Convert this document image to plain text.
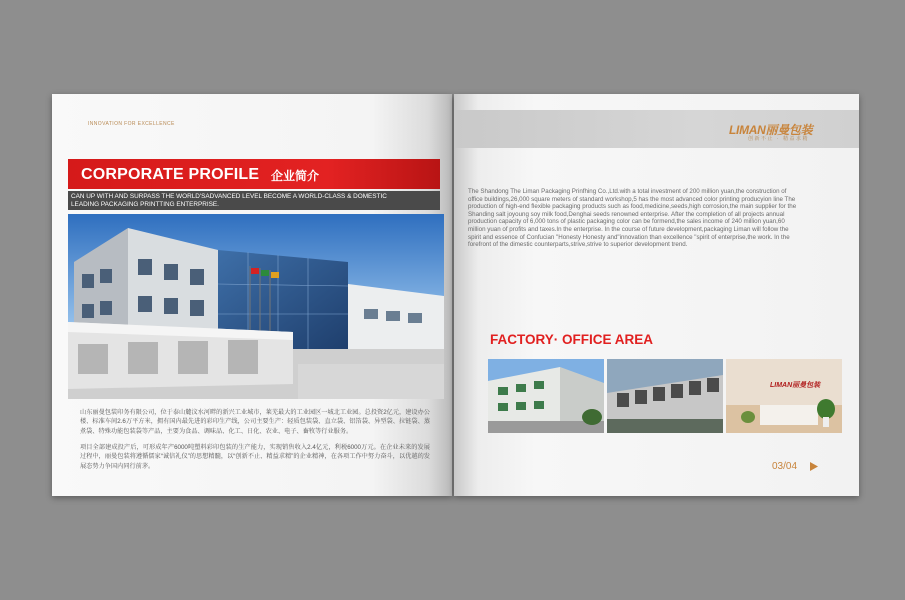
INNOVATION FOR EXCELLENCE
CORPORATE PROFILE 企业简介
CAN UP WITH AND SURPASS THE WORLD'SADVANCED LEVEL BECOME A WORLD-CLASS & DOMESTIC LEADING PACKAGING PRINTTING ENTERPRISE.
山东丽曼包装印务有限公司，位于泰山麓汶水河畔的新兴工业城市，莱芜最大的工业园区一城北工业园。总投资2亿元，建设办公楼、标准车间2.6万平方米，拥有国内最先进的彩印生产线，公司主要生产：轻质包装袋、直立袋、铝箔袋、异型袋、拉链袋、蒸煮袋、特殊功能包装袋等产品，主要为食品、调味品、化工、日化、农业、电子、畜牧等行业服务。
项目全部建成投产后，可形成年产6000吨塑料彩印包装的生产能力，实现销售收入2.4亿元，利税6000万元。在企业未来的发展过程中，丽曼包装将遵循儒家“诚信礼仪”的思想精髓，以“创新不止、精益求精”的企业精神，在各项工作中努力奋斗，以优越的发展态势力争国内同行前茅。
LIMAN丽曼包装
创新不止 · 精益求精
The Shandong The Liman Packaging Prinfhing Co.,Ltd.with a total investment of 200 million yuan,the construction of office buildings,26,000 square meters of standard workshop,5 has the most advanced color printing producyion line The production of high-end flexible packaging products such as food,medicine,seeds,high corrosion,the main supplier for the Shanding salt joyoung soy milk food,Denghai seeds renowned enterprise. After the completion of all projects annual production capacity of 6,000 tons of plastic packaging color can be formend,the sales income of 240 million yuan,60 million yuan of profits and taxes.In the enterprise. In the course of future development,packaging Liman will follow the spirit and essence of Confucian "Honesty Honesty and"innovation than excellence "spirit of enterprise,the work. In the forefront of the dimestic counterparts,strive,strive to superior development trend.
FACTORY· OFFICE AREA
LIMAN丽曼包装
03/04
